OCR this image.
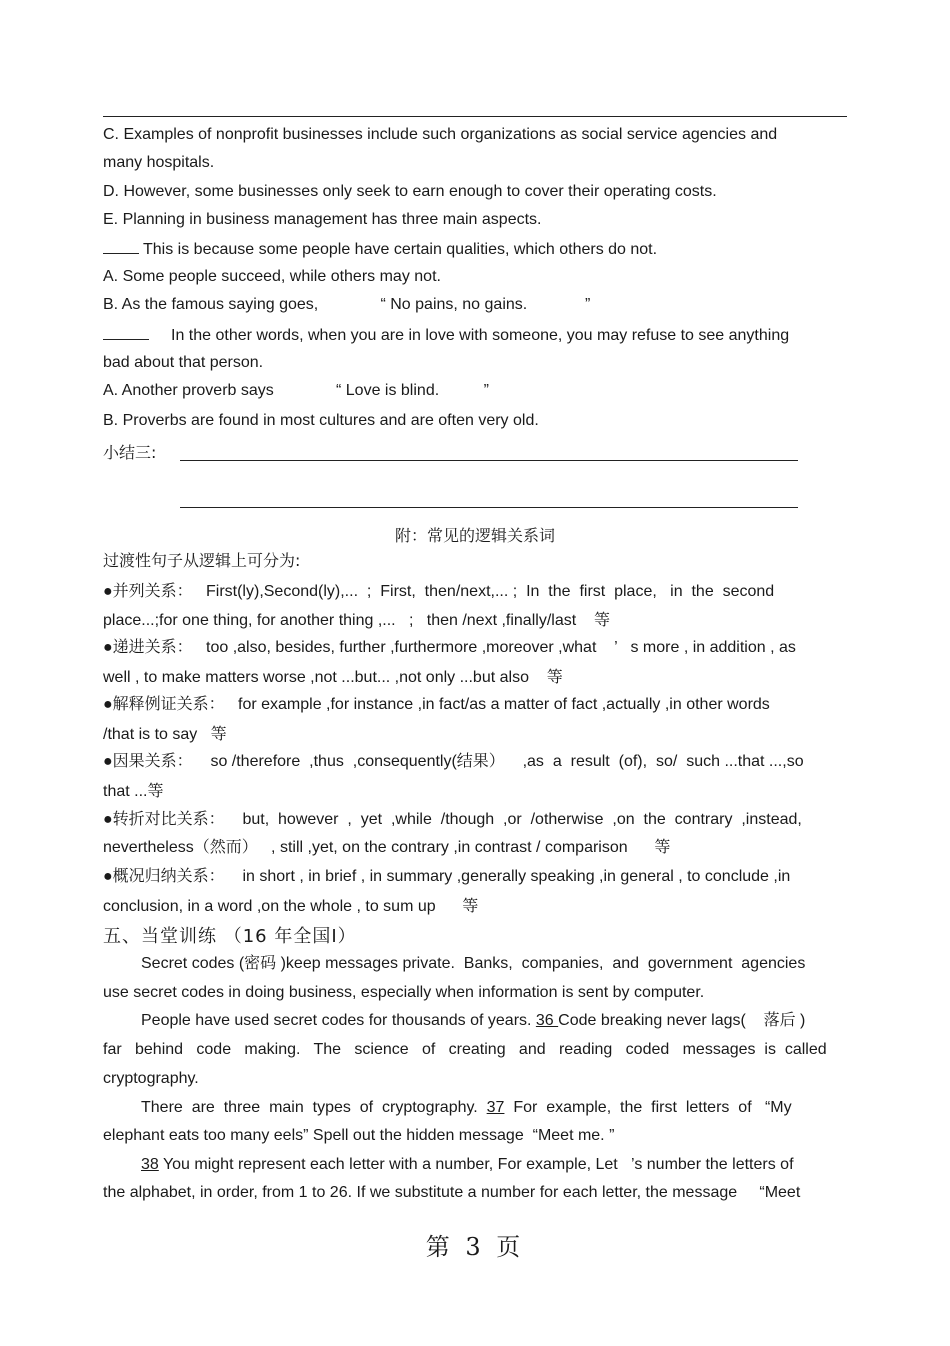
C. Examples of nonprofit businesses include such organizations as social service agencies and
many hospitals.
D. However, some businesses only seek to earn enough to cover their operating costs.
E. Planning in business management has three main aspects.
This is because some people have certain qualities, which others do not.
A. Some people succeed, while others may not.
B. As the famous saying goes,              “ No pains, no gains.             ”
In the other words, when you are in love with someone, you may refuse to see anything
bad about that person.
A. Another proverb says              “ Love is blind.          ”
B. Proverbs are found in most cultures and are often very old.
小结三:
附：常见的逻辑关系词
过渡性句子从逻辑上可分为:
●并列关系：   First(ly),Second(ly),...  ;  First,  then/next,... ;  In  the  first  place,   in  the  second
place...;for one thing, for another thing ,...   ;   then /next ,finally/last    等
●递进关系：   too ,also, besides, further ,furthermore ,moreover ,what    ’   s more , in addition , as
well , to make matters worse ,not ...but... ,not only ...but also    等
●解释例证关系：   for example ,for instance ,in fact/as a matter of fact ,actually ,in other words
/that is to say   等
●因果关系：    so /therefore  ,thus  ,consequently(结果）    ,as  a  result  (of),  so/  such ...that ...,so
that ...等
●转折对比关系：    but,  however  ,  yet  ,while  /though  ,or  /otherwise  ,on  the  contrary  ,instead,
nevertheless（然而）   , still ,yet, on the contrary ,in contrast / comparison      等
●概况归纳关系：    in short , in brief , in summary ,generally speaking ,in general , to conclude ,in
conclusion, in a word ,on the whole , to sum up      等
五、当堂训练 （16 年全国Ⅰ）
Secret codes (密码 )keep messages private.  Banks,  companies,  and  government  agencies
use secret codes in doing business, especially when information is sent by computer.
People have used secret codes for thousands of years. 36 Code breaking never lags(    落后 )
far   behind   code   making.   The   science   of   creating   and   reading   coded   messages  is  called
cryptography.
There  are  three  main  types  of  cryptography.  37  For  example,  the  first  letters  of   “My
elephant eats too many eels” Spell out the hidden message  “Meet me. ”
38 You might represent each letter with a number, For example, Let   ’s number the letters of
the alphabet, in order, from 1 to 26. If we substitute a number for each letter, the message     “Meet
第 3 页
